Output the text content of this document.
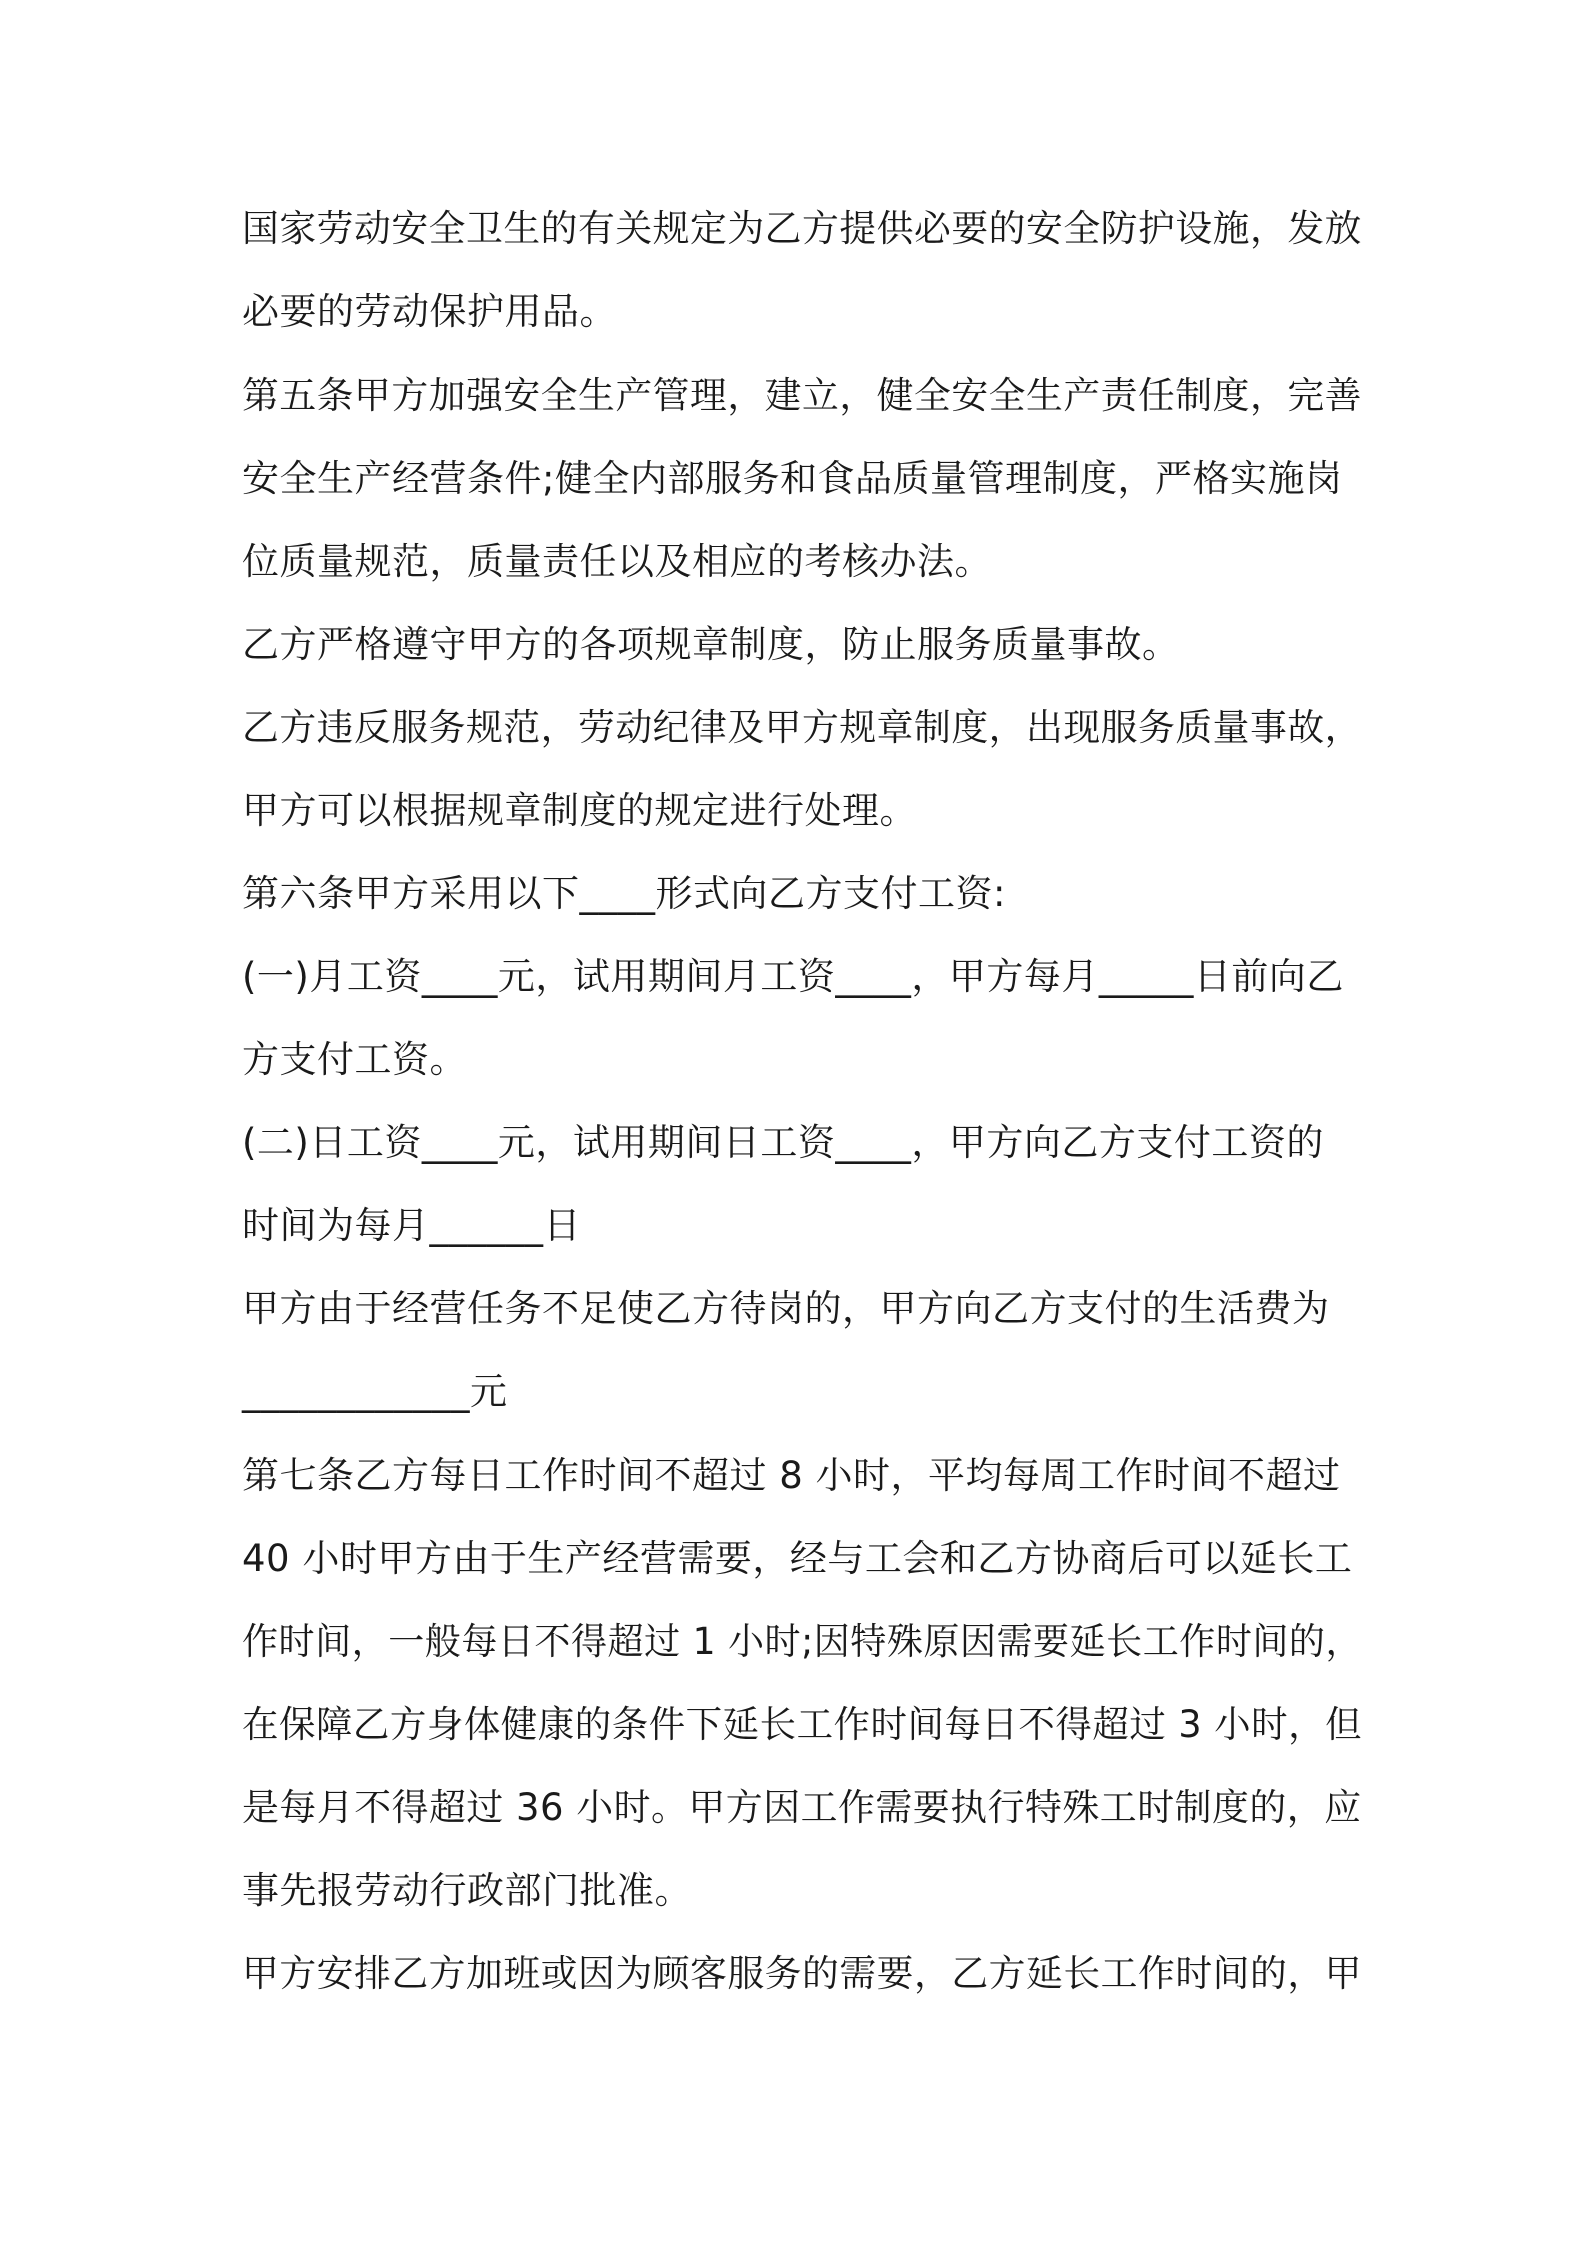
国家劳动安全卫生的有关规定为乙方提供必要的安全防护设施，发放

必要的劳动保护用品。

第五条甲方加强安全生产管理，建立，健全安全生产责任制度，完善

安全生产经营条件;健全内部服务和食品质量管理制度，严格实施岗

位质量规范，质量责任以及相应的考核办法。

乙方严格遵守甲方的各项规章制度，防止服务质量事故。

乙方违反服务规范，劳动纪律及甲方规章制度，出现服务质量事故，

甲方可以根据规章制度的规定进行处理。

第六条甲方采用以下____形式向乙方支付工资:

(一)月工资____元，试用期间月工资____，甲方每月_____日前向乙

方支付工资。

(二)日工资____元，试用期间日工资____，甲方向乙方支付工资的

时间为每月______日

甲方由于经营任务不足使乙方待岗的，甲方向乙方支付的生活费为

____________元

第七条乙方每日工作时间不超过 8 小时，平均每周工作时间不超过

40 小时甲方由于生产经营需要，经与工会和乙方协商后可以延长工

作时间，一般每日不得超过 1 小时;因特殊原因需要延长工作时间的，

在保障乙方身体健康的条件下延长工作时间每日不得超过 3 小时，但

是每月不得超过 36 小时。甲方因工作需要执行特殊工时制度的，应

事先报劳动行政部门批准。

甲方安排乙方加班或因为顾客服务的需要，乙方延长工作时间的，甲
